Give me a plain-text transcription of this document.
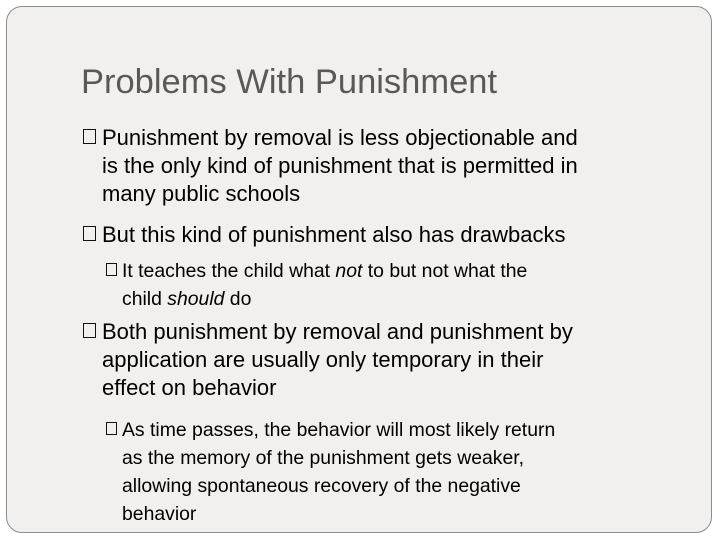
Problems With Punishment
Punishment by removal is less objectionable and
is the only kind of punishment that is permitted in
many public schools
But this kind of punishment also has drawbacks
It teaches the child what not to but not what the
child should do
Both punishment by removal and punishment by
application are usually only temporary in their
effect on behavior
As time passes, the behavior will most likely return
as the memory of the punishment gets weaker,
allowing spontaneous recovery of the negative
behavior
